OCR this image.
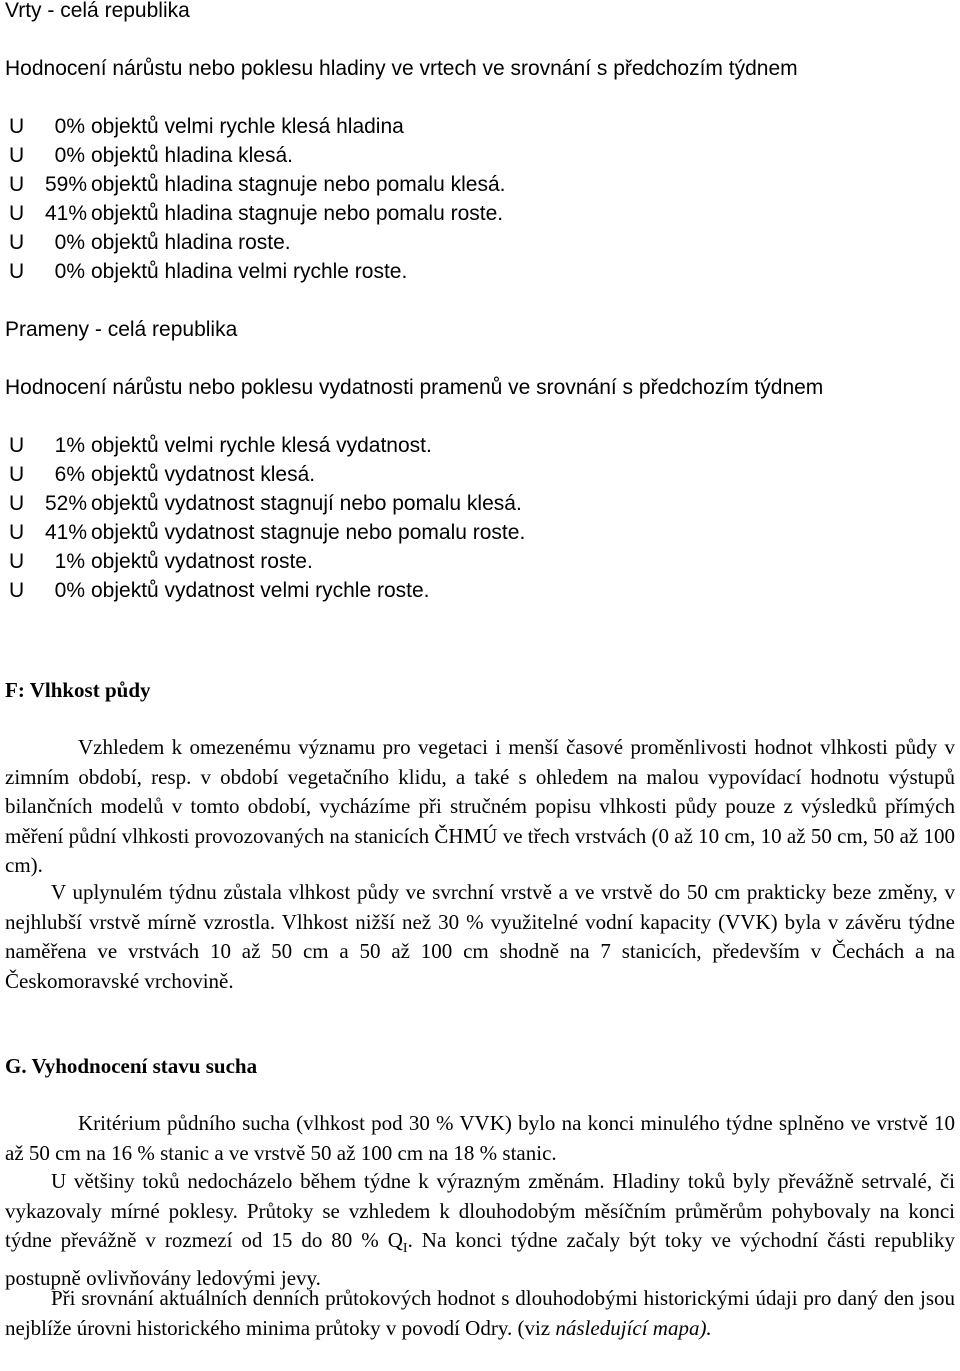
Vrty - celá republika
Hodnocení nárůstu nebo poklesu hladiny ve vrtech ve srovnání s předchozím týdnem
U 0% objektů velmi rychle klesá hladina
U 0% objektů hladina klesá.
U 59% objektů hladina stagnuje nebo pomalu klesá.
U 41% objektů hladina stagnuje nebo pomalu roste.
U 0% objektů hladina roste.
U 0% objektů hladina velmi rychle roste.
Prameny - celá republika
Hodnocení nárůstu nebo poklesu vydatnosti pramenů ve srovnání s předchozím týdnem
U 1% objektů velmi rychle klesá vydatnost.
U 6% objektů vydatnost klesá.
U 52% objektů vydatnost stagnují nebo pomalu klesá.
U 41% objektů vydatnost stagnuje nebo pomalu roste.
U 1% objektů vydatnost roste.
U 0% objektů vydatnost velmi rychle roste.
F: Vlhkost půdy

Vzhledem k omezenému významu pro vegetaci i menší časové proměnlivosti hodnot vlhkosti půdy v zimním období, resp. v období vegetačního klidu, a také s ohledem na malou vypovídací hodnotu výstupů bilančních modelů v tomto období, vycházíme při stručném popisu vlhkosti půdy pouze z výsledků přímých měření půdní vlhkosti provozovaných na stanicích ČHMÚ ve třech vrstvách (0 až 10 cm, 10 až 50 cm, 50 až 100 cm).

V uplynulém týdnu zůstala vlhkost půdy ve svrchní vrstvě a ve vrstvě do 50 cm prakticky beze změny, v nejhlubší vrstvě mírně vzrostla. Vlhkost nižší než 30 % využitelné vodní kapacity (VVK) byla v závěru týdne naměřena ve vrstvách 10 až 50 cm a 50 až 100 cm shodně na 7 stanicích, především v Čechách a na Českomoravské vrchovině.

G. Vyhodnocení stavu sucha

Kritérium půdního sucha (vlhkost pod 30 % VVK) bylo na konci minulého týdne splněno ve vrstvě 10 až 50 cm na 16 % stanic a ve vrstvě 50 až 100 cm na 18 % stanic.

U většiny toků nedocházelo během týdne k výrazným změnám. Hladiny toků byly převážně setrvalé, či vykazovaly mírné poklesy. Průtoky se vzhledem k dlouhodobým měsíčním průměrům pohybovaly na konci týdne převážně v rozmezí od 15 do 80 % $Q_I$. Na konci týdne začaly být toky ve východní části republiky postupně ovlivňovány ledovými jevy.

Při srovnání aktuálních denních průtokových hodnot s dlouhodobými historickými údaji pro daný den jsou nejblíže úrovni historického minima průtoky v povodí Odry. (viz následující mapa).
